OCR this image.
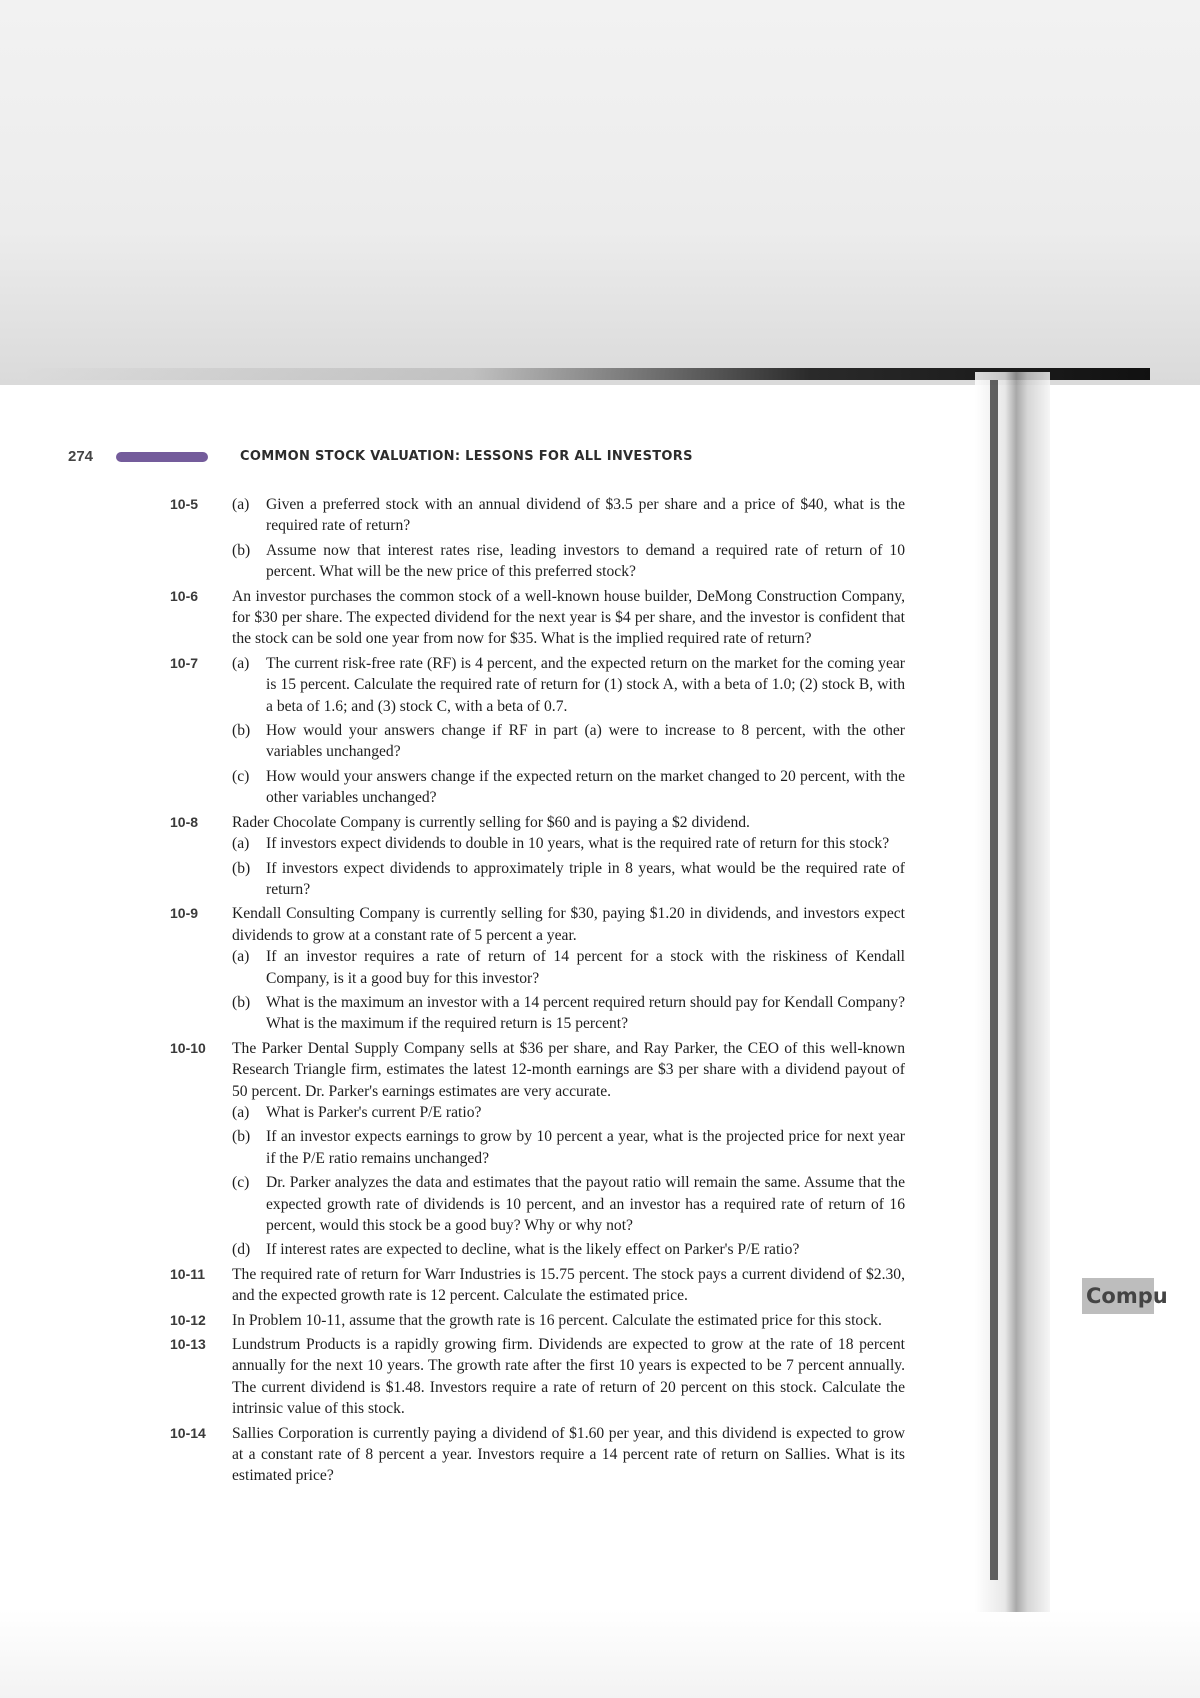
Compu
274	COMMON STOCK VALUATION: LESSONS FOR ALL INVESTORS
10-5	(a) Given a preferred stock with an annual dividend of $3.5 per share and a price of $40, what is the required rate of return?
(b) Assume now that interest rates rise, leading investors to demand a required rate of return of 10 percent. What will be the new price of this preferred stock?
10-6	An investor purchases the common stock of a well-known house builder, DeMong Construction Company, for $30 per share. The expected dividend for the next year is $4 per share, and the investor is confident that the stock can be sold one year from now for $35. What is the implied required rate of return?
10-7	(a) The current risk-free rate (RF) is 4 percent, and the expected return on the market for the coming year is 15 percent. Calculate the required rate of return for (1) stock A, with a beta of 1.0; (2) stock B, with a beta of 1.6; and (3) stock C, with a beta of 0.7.
(b) How would your answers change if RF in part (a) were to increase to 8 percent, with the other variables unchanged?
(c) How would your answers change if the expected return on the market changed to 20 percent, with the other variables unchanged?
10-8	Rader Chocolate Company is currently selling for $60 and is paying a $2 dividend.
(a) If investors expect dividends to double in 10 years, what is the required rate of return for this stock?
(b) If investors expect dividends to approximately triple in 8 years, what would be the required rate of return?
10-9	Kendall Consulting Company is currently selling for $30, paying $1.20 in dividends, and investors expect dividends to grow at a constant rate of 5 percent a year.
(a) If an investor requires a rate of return of 14 percent for a stock with the riskiness of Kendall Company, is it a good buy for this investor?
(b) What is the maximum an investor with a 14 percent required return should pay for Kendall Company? What is the maximum if the required return is 15 percent?
10-10	The Parker Dental Supply Company sells at $36 per share, and Ray Parker, the CEO of this well-known Research Triangle firm, estimates the latest 12-month earnings are $3 per share with a dividend payout of 50 percent. Dr. Parker's earnings estimates are very accurate.
(a) What is Parker's current P/E ratio?
(b) If an investor expects earnings to grow by 10 percent a year, what is the projected price for next year if the P/E ratio remains unchanged?
(c) Dr. Parker analyzes the data and estimates that the payout ratio will remain the same. Assume that the expected growth rate of dividends is 10 percent, and an investor has a required rate of return of 16 percent, would this stock be a good buy? Why or why not?
(d) If interest rates are expected to decline, what is the likely effect on Parker's P/E ratio?
10-11	The required rate of return for Warr Industries is 15.75 percent. The stock pays a current dividend of $2.30, and the expected growth rate is 12 percent. Calculate the estimated price.
10-12	In Problem 10-11, assume that the growth rate is 16 percent. Calculate the estimated price for this stock.
10-13	Lundstrum Products is a rapidly growing firm. Dividends are expected to grow at the rate of 18 percent annually for the next 10 years. The growth rate after the first 10 years is expected to be 7 percent annually. The current dividend is $1.48. Investors require a rate of return of 20 percent on this stock. Calculate the intrinsic value of this stock.
10-14	Sallies Corporation is currently paying a dividend of $1.60 per year, and this dividend is expected to grow at a constant rate of 8 percent a year. Investors require a 14 percent rate of return on Sallies. What is its estimated price?
